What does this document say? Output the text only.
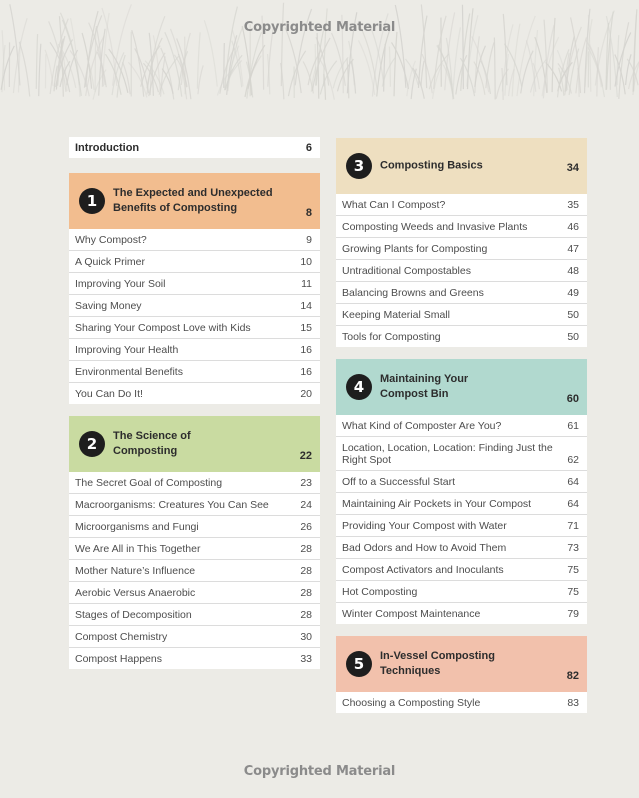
Copyrighted Material
Introduction	6
1	The Expected and Unexpected Benefits of Composting	8
Why Compost?	9
A Quick Primer	10
Improving Your Soil	11
Saving Money	14
Sharing Your Compost Love with Kids	15
Improving Your Health	16
Environmental Benefits	16
You Can Do It!	20
2	The Science of Composting	22
The Secret Goal of Composting	23
Macroorganisms: Creatures You Can See	24
Microorganisms and Fungi	26
We Are All in This Together	28
Mother Nature’s Influence	28
Aerobic Versus Anaerobic	28
Stages of Decomposition	28
Compost Chemistry	30
Compost Happens	33
3	Composting Basics	34
What Can I Compost?	35
Composting Weeds and Invasive Plants	46
Growing Plants for Composting	47
Untraditional Compostables	48
Balancing Browns and Greens	49
Keeping Material Small	50
Tools for Composting	50
4	Maintaining Your Compost Bin	60
What Kind of Composter Are You?	61
Location, Location, Location: Finding Just the Right Spot	62
Off to a Successful Start	64
Maintaining Air Pockets in Your Compost	64
Providing Your Compost with Water	71
Bad Odors and How to Avoid Them	73
Compost Activators and Inoculants	75
Hot Composting	75
Winter Compost Maintenance	79
5	In-Vessel Composting Techniques	82
Choosing a Composting Style	83
Copyrighted Material
